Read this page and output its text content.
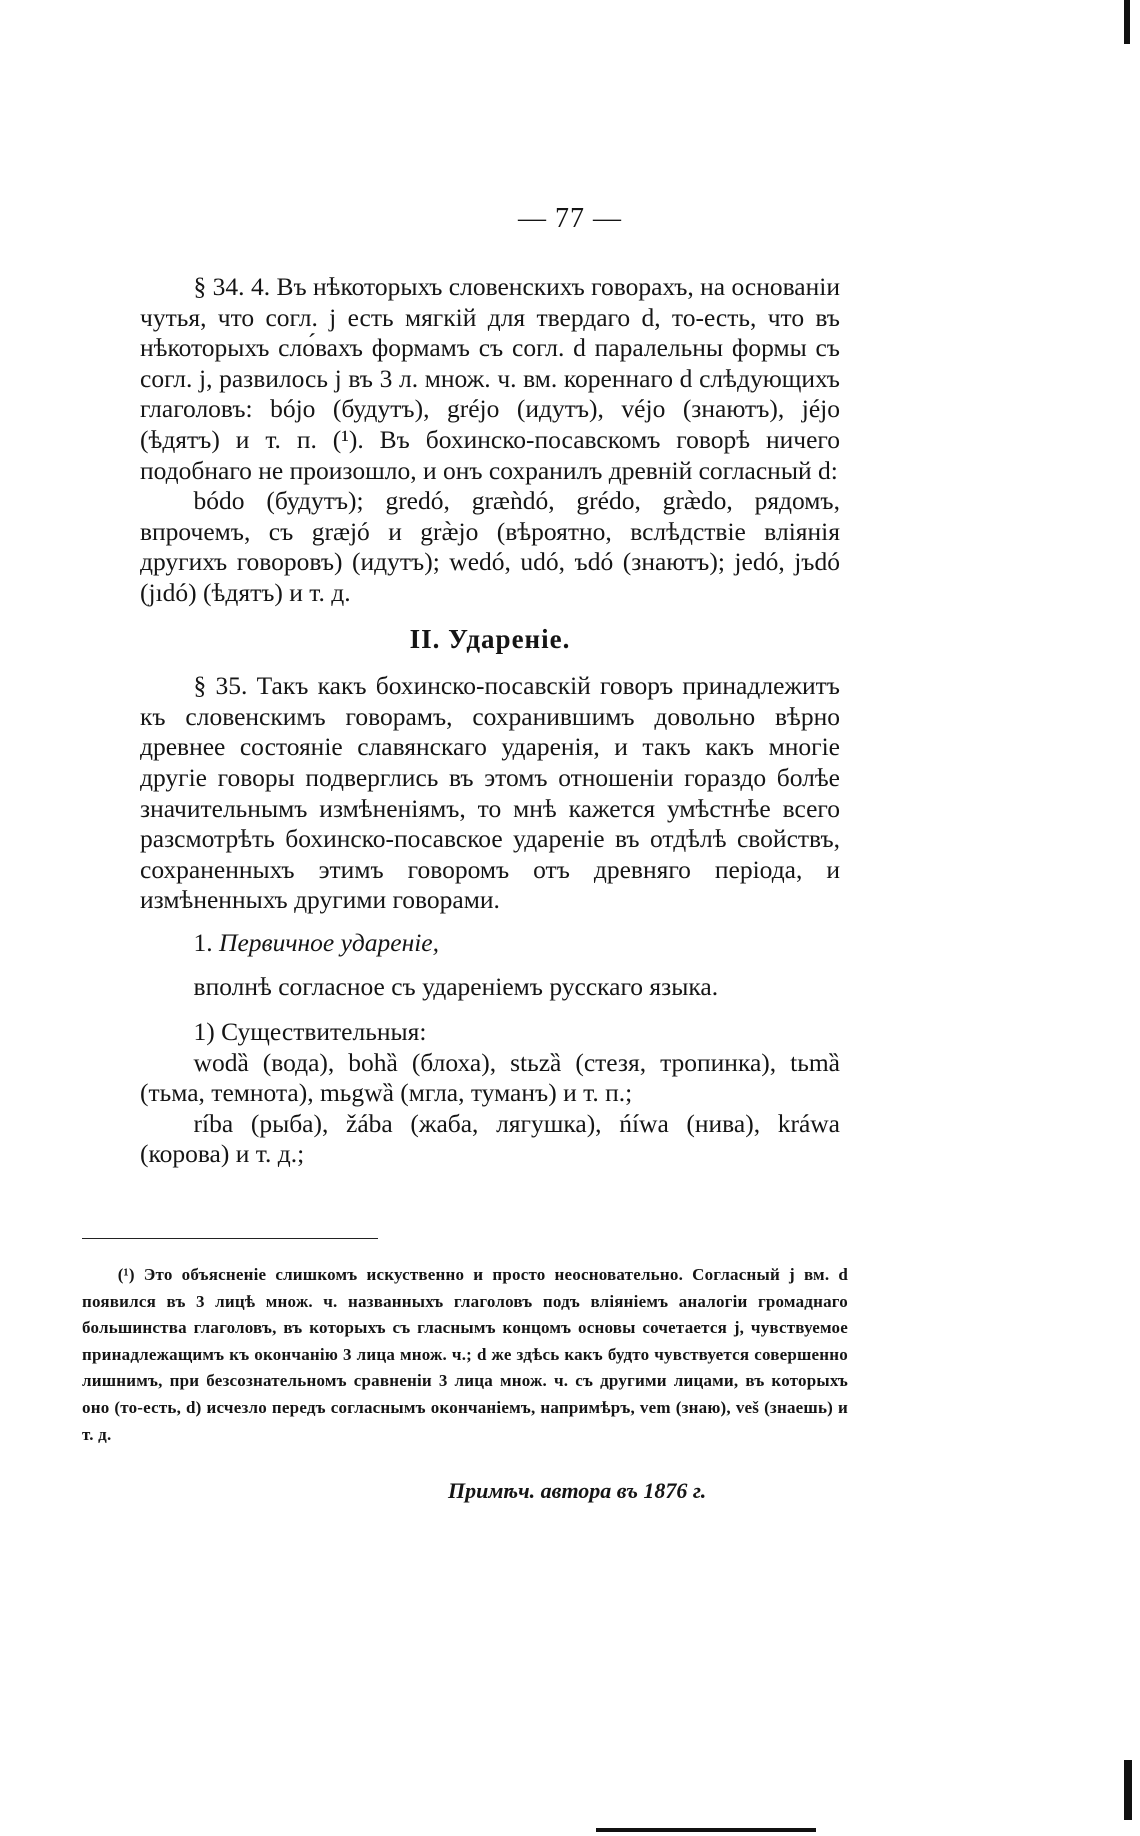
— 77 —

§ 34. 4. Въ нѣкоторыхъ словенскихъ говорахъ, на основанiи чутья, что согл. j есть мягкiй для твердаго d, то-есть, что въ нѣкоторыхъ сло́вахъ формамъ съ согл. d паралельны формы съ согл. j, развилось j въ 3 л. множ. ч. вм. кореннаго d слѣдующихъ глаголовъ: bójo (будутъ), gréjo (идутъ), véjo (знаютъ), jéjo (ѣдятъ) и т. п. (¹). Въ бохинско-посавскомъ говорѣ ничего подобнаго не произошло, и онъ сохранилъ древнiй согласный d:

bódo (будутъ); gredó, græǹdó, grédo, græ̀do, рядомъ, впрочемъ, съ græjó и græ̀jo (вѣроятно, вслѣдствiе влiянiя другихъ говоровъ) (идутъ); wedó, udó, ъdó (знаютъ); jedó, jъdó (jıdó) (ѣдятъ) и т. д.

II. Удареніе.

§ 35. Такъ какъ бохинско-посавскiй говоръ принадлежитъ къ словенскимъ говорамъ, сохранившимъ довольно вѣрно древнее состоянiе славянскаго ударенiя, и такъ какъ многiе другiе говоры подверглись въ этомъ отношенiи гораздо болѣе значительнымъ измѣненiямъ, то мнѣ кажется умѣстнѣе всего разсмотрѣть бохинско-посавское ударенiе въ отдѣлѣ свойствъ, сохраненныхъ этимъ говоромъ отъ древняго перiода, и измѣненныхъ другими говорами.

1. Первичное ударенiе,

вполнѣ согласное съ ударенiемъ русскаго языка.

1) Существительныя:

wodȁ (вода), bohȁ (блоха), stьzȁ (стезя, тропинка), tьmȁ (тьма, темнота), mьgwȁ (мгла, туманъ) и т. п.;

ríba (рыба), žába (жаба, лягушка), ńíwa (нива), kráwa (корова) и т. д.;

(¹) Это объясненiе слишкомъ искуственно и просто неосновательно. Согласный j вм. d появился въ 3 лицѣ множ. ч. названныхъ глаголовъ подъ влiянiемъ аналогiи громаднаго большинства глаголовъ, въ которыхъ съ гласнымъ концомъ основы сочетается j, чувствуемое принадлежащимъ къ окончанiю 3 лица множ. ч.; d же здѣсь какъ будто чувствуется совершенно лишнимъ, при безсознательномъ сравненiи 3 лица множ. ч. съ другими лицами, въ которыхъ оно (то-есть, d) исчезло передъ согласнымъ окончанiемъ, напримѣръ, vem (знаю), veš (знаешь) и т. д.

Примѣч. автора въ 1876 г.
